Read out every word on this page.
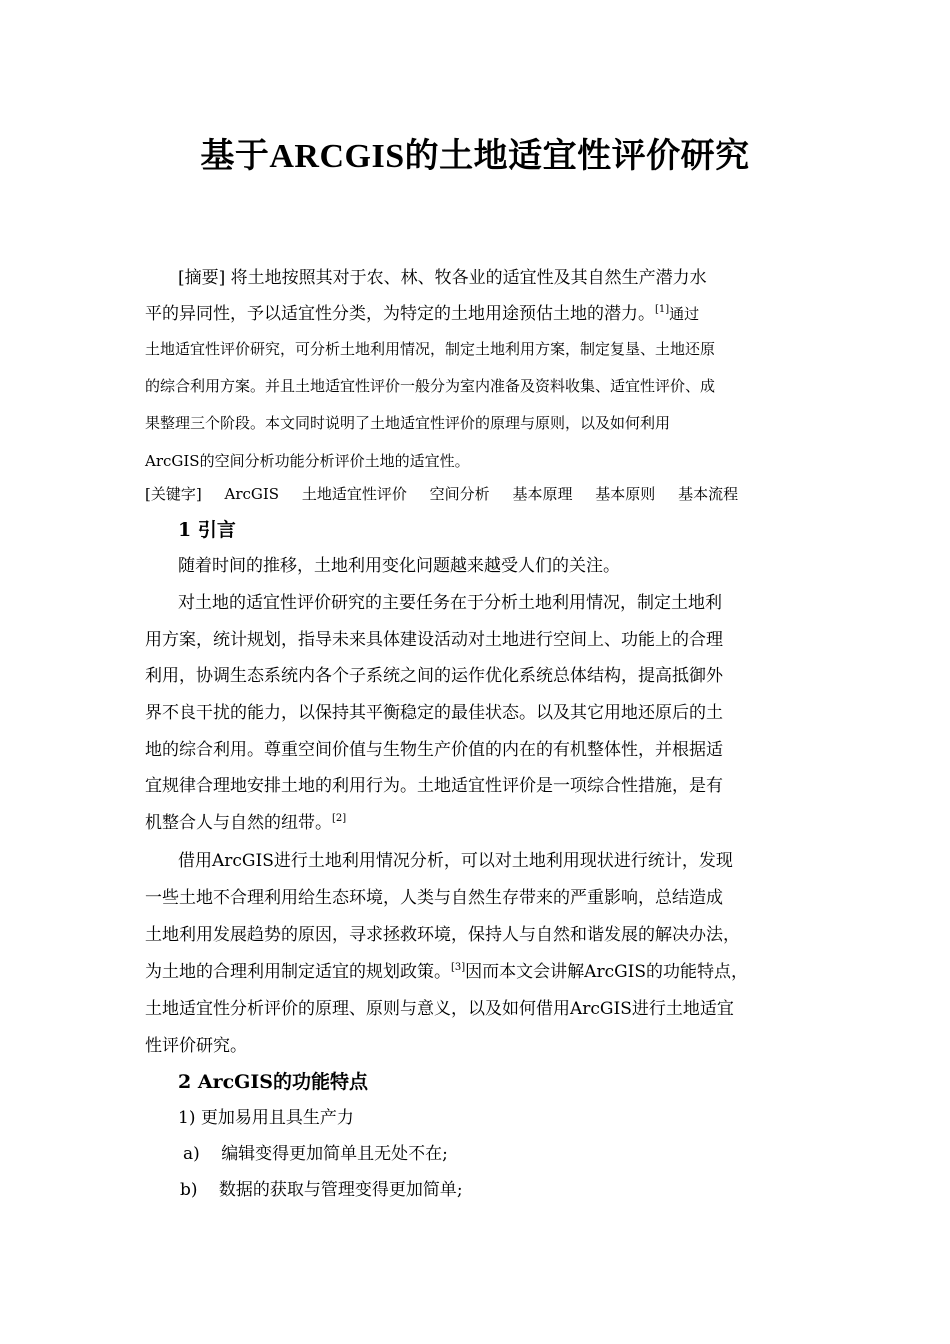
基于ARCGIS的土地适宜性评价研究
[摘要] 将土地按照其对于农、林、牧各业的适宜性及其自然生产潜力水
平的异同性，予以适宜性分类，为特定的土地用途预估土地的潜力。[1]通过
土地适宜性评价研究，可分析土地利用情况，制定土地利用方案，制定复垦、土地还原
的综合利用方案。并且土地适宜性评价一般分为室内准备及资料收集、适宜性评价、成
果整理三个阶段。本文同时说明了土地适宜性评价的原理与原则，以及如何利用
ArcGIS的空间分析功能分析评价土地的适宜性。
[关键字] ArcGIS 土地适宜性评价 空间分析 基本原理 基本原则 基本流程
1 引言
随着时间的推移，土地利用变化问题越来越受人们的关注。
对土地的适宜性评价研究的主要任务在于分析土地利用情况，制定土地利
用方案，统计规划，指导未来具体建设活动对土地进行空间上、功能上的合理
利用，协调生态系统内各个子系统之间的运作优化系统总体结构，提高抵御外
界不良干扰的能力，以保持其平衡稳定的最佳状态。以及其它用地还原后的土
地的综合利用。尊重空间价值与生物生产价值的内在的有机整体性，并根据适
宜规律合理地安排土地的利用行为。土地适宜性评价是一项综合性措施，是有
机整合人与自然的纽带。[2]
借用ArcGIS进行土地利用情况分析，可以对土地利用现状进行统计，发现
一些土地不合理利用给生态环境，人类与自然生存带来的严重影响，总结造成
土地利用发展趋势的原因，寻求拯救环境，保持人与自然和谐发展的解决办法，
为土地的合理利用制定适宜的规划政策。[3]因而本文会讲解ArcGIS的功能特点，
土地适宜性分析评价的原理、原则与意义，以及如何借用ArcGIS进行土地适宜
性评价研究。
2 ArcGIS的功能特点
1) 更加易用且具生产力
a) 编辑变得更加简单且无处不在;
b) 数据的获取与管理变得更加简单;
